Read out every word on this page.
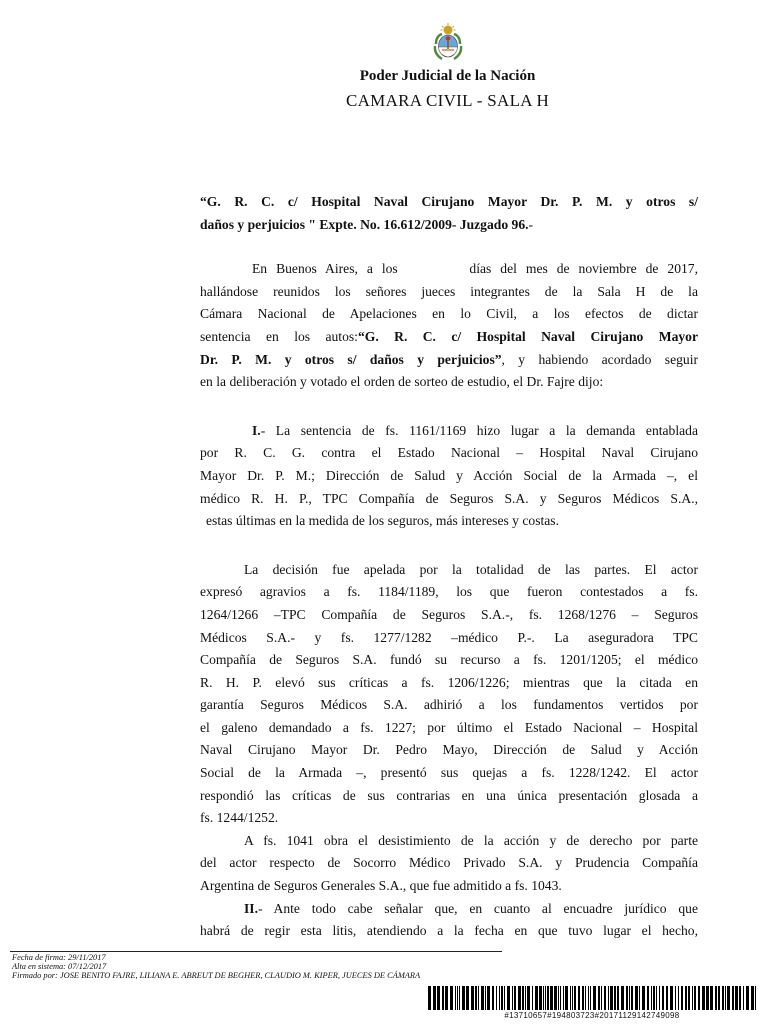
Poder Judicial de la Nación
CAMARA CIVIL - SALA H

“G. R. C. c/ Hospital Naval Cirujano Mayor Dr. P. M. y otros s/

daños y perjuicios " Expte. No. 16.612/2009- Juzgado 96.-

En Buenos Aires, a los        días del mes de noviembre de 2017,

hallándose reunidos los señores jueces integrantes de la Sala H de la

Cámara Nacional de Apelaciones en lo Civil, a los efectos de dictar

sentencia en los autos:“G. R. C. c/ Hospital Naval Cirujano Mayor

Dr. P. M. y otros s/ daños y perjuicios”, y habiendo acordado seguir

en la deliberación y votado el orden de sorteo de estudio, el Dr. Fajre dijo:

I.- La sentencia de fs. 1161/1169 hizo lugar a la demanda entablada

por R. C. G. contra el Estado Nacional – Hospital Naval Cirujano

Mayor Dr. P. M.; Dirección de Salud y Acción Social de la Armada –, el

médico R. H. P., TPC Compañía de Seguros S.A. y Seguros Médicos S.A.,

estas últimas en la medida de los seguros, más intereses y costas.

La decisión fue apelada por la totalidad de las partes. El actor

expresó agravios a fs. 1184/1189, los que fueron contestados a fs.

1264/1266 –TPC Compañía de Seguros S.A.-, fs. 1268/1276 – Seguros

Médicos S.A.- y fs. 1277/1282 –médico P.-. La aseguradora TPC

Compañía de Seguros S.A. fundó su recurso a fs. 1201/1205; el médico

R. H. P. elevó sus críticas a fs. 1206/1226; mientras que la citada en

garantía Seguros Médicos S.A. adhirió a los fundamentos vertidos por

el galeno demandado a fs. 1227; por último el Estado Nacional – Hospital

Naval Cirujano Mayor Dr. Pedro Mayo, Dirección de Salud y Acción

Social de la Armada –, presentó sus quejas a fs. 1228/1242. El actor

respondió las críticas de sus contrarias en una única presentación glosada a

fs. 1244/1252.

A fs. 1041 obra el desistimiento de la acción y de derecho por parte

del actor respecto de Socorro Médico Privado S.A. y Prudencia Compañía

Argentina de Seguros Generales S.A., que fue admitido a fs. 1043.

II.- Ante todo cabe señalar que, en cuanto al encuadre jurídico que

habrá de regir esta litis, atendiendo a la fecha en que tuvo lugar el hecho,

Fecha de firma: 29/11/2017
Alta en sistema: 07/12/2017
Firmado por: JOSE BENITO FAJRE, LILIANA E. ABREUT DE BEGHER, CLAUDIO M. KIPER, JUECES DE CÁMARA
#13710657#194803723#20171129142749098
